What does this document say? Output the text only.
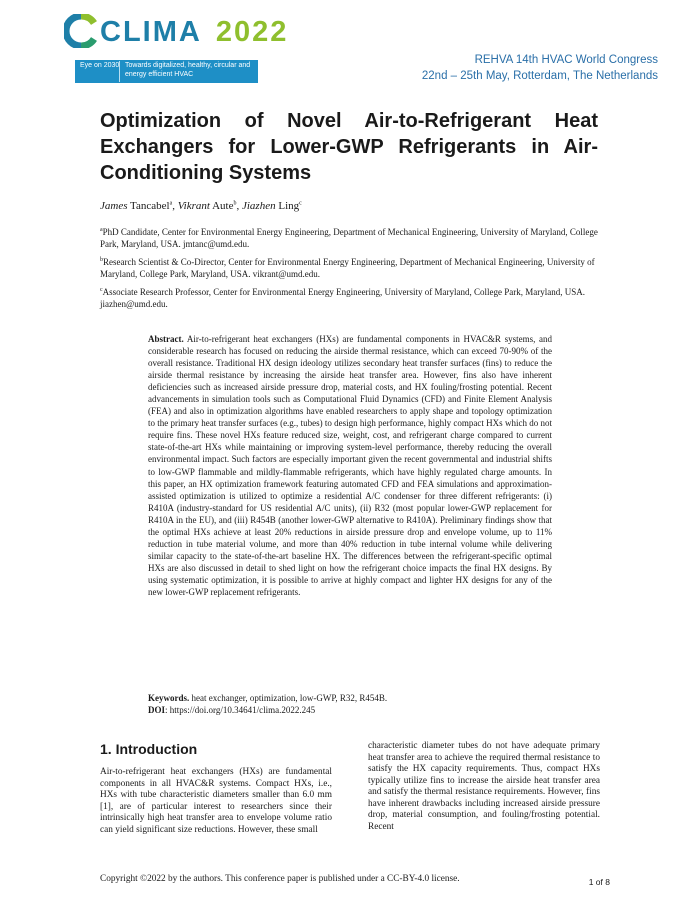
CLIMA 2022
Eye on 2030 Towards digitalized, healthy, circular and energy efficient HVAC
REHVA 14th HVAC World Congress
22nd – 25th May, Rotterdam, The Netherlands
Optimization of Novel Air-to-Refrigerant Heat Exchangers for Lower-GWP Refrigerants in Air-Conditioning Systems
James Tancabel$^a$, Vikrant Aute$^b$, Jiazhen Ling$^c$
$^a$PhD Candidate, Center for Environmental Energy Engineering, Department of Mechanical Engineering, University of Maryland, College Park, Maryland, USA. jmtanc@umd.edu.
$^b$Research Scientist & Co-Director, Center for Environmental Energy Engineering, Department of Mechanical Engineering, University of Maryland, College Park, Maryland, USA. vikrant@umd.edu.
$^c$Associate Research Professor, Center for Environmental Energy Engineering, University of Maryland, College Park, Maryland, USA. jiazhen@umd.edu.
Abstract. Air-to-refrigerant heat exchangers (HXs) are fundamental components in HVAC&R systems, and considerable research has focused on reducing the airside thermal resistance, which can exceed 70-90% of the overall resistance. Traditional HX design ideology utilizes secondary heat transfer surfaces (fins) to reduce the airside thermal resistance by increasing the airside heat transfer area. However, fins also have inherent deficiencies such as increased airside pressure drop, material costs, and HX fouling/frosting potential. Recent advancements in simulation tools such as Computational Fluid Dynamics (CFD) and Finite Element Analysis (FEA) and also in optimization algorithms have enabled researchers to apply shape and topology optimization to the primary heat transfer surfaces (e.g., tubes) to design high performance, highly compact HXs which do not require fins. These novel HXs feature reduced size, weight, cost, and refrigerant charge compared to current state-of-the-art HXs while maintaining or improving system-level performance, thereby reducing the overall environmental impact. Such factors are especially important given the recent governmental and industrial shifts to low-GWP flammable and mildly-flammable refrigerants, which have highly regulated charge amounts. In this paper, an HX optimization framework featuring automated CFD and FEA simulations and approximation-assisted optimization is utilized to optimize a residential A/C condenser for three different refrigerants: (i) R410A (industry-standard for US residential A/C units), (ii) R32 (most popular lower-GWP replacement for R410A in the EU), and (iii) R454B (another lower-GWP alternative to R410A). Preliminary findings show that the optimal HXs achieve at least 20% reductions in airside pressure drop and envelope volume, up to 11% reduction in tube material volume, and more than 40% reduction in tube internal volume while delivering similar capacity to the state-of-the-art baseline HX. The differences between the refrigerant-specific optimal HXs are also discussed in detail to shed light on how the refrigerant choice impacts the final HX designs. By using systematic optimization, it is possible to arrive at highly compact and lighter HX designs for any of the new lower-GWP replacement refrigerants.
Keywords. heat exchanger, optimization, low-GWP, R32, R454B.
DOI: https://doi.org/10.34641/clima.2022.245
1. Introduction
Air-to-refrigerant heat exchangers (HXs) are fundamental components in all HVAC&R systems. Compact HXs, i.e., HXs with tube characteristic diameters smaller than 6.0 mm [1], are of particular interest to researchers since their intrinsically high heat transfer area to envelope volume ratio can yield significant size reductions. However, these small
characteristic diameter tubes do not have adequate primary heat transfer area to achieve the required thermal resistance to satisfy the HX capacity requirements. Thus, compact HXs typically utilize fins to increase the airside heat transfer area and satisfy the thermal resistance requirements. However, fins have inherent drawbacks including increased airside pressure drop, material consumption, and fouling/frosting potential. Recent
Copyright ©2022 by the authors. This conference paper is published under a CC-BY-4.0 license.	1 of 8
